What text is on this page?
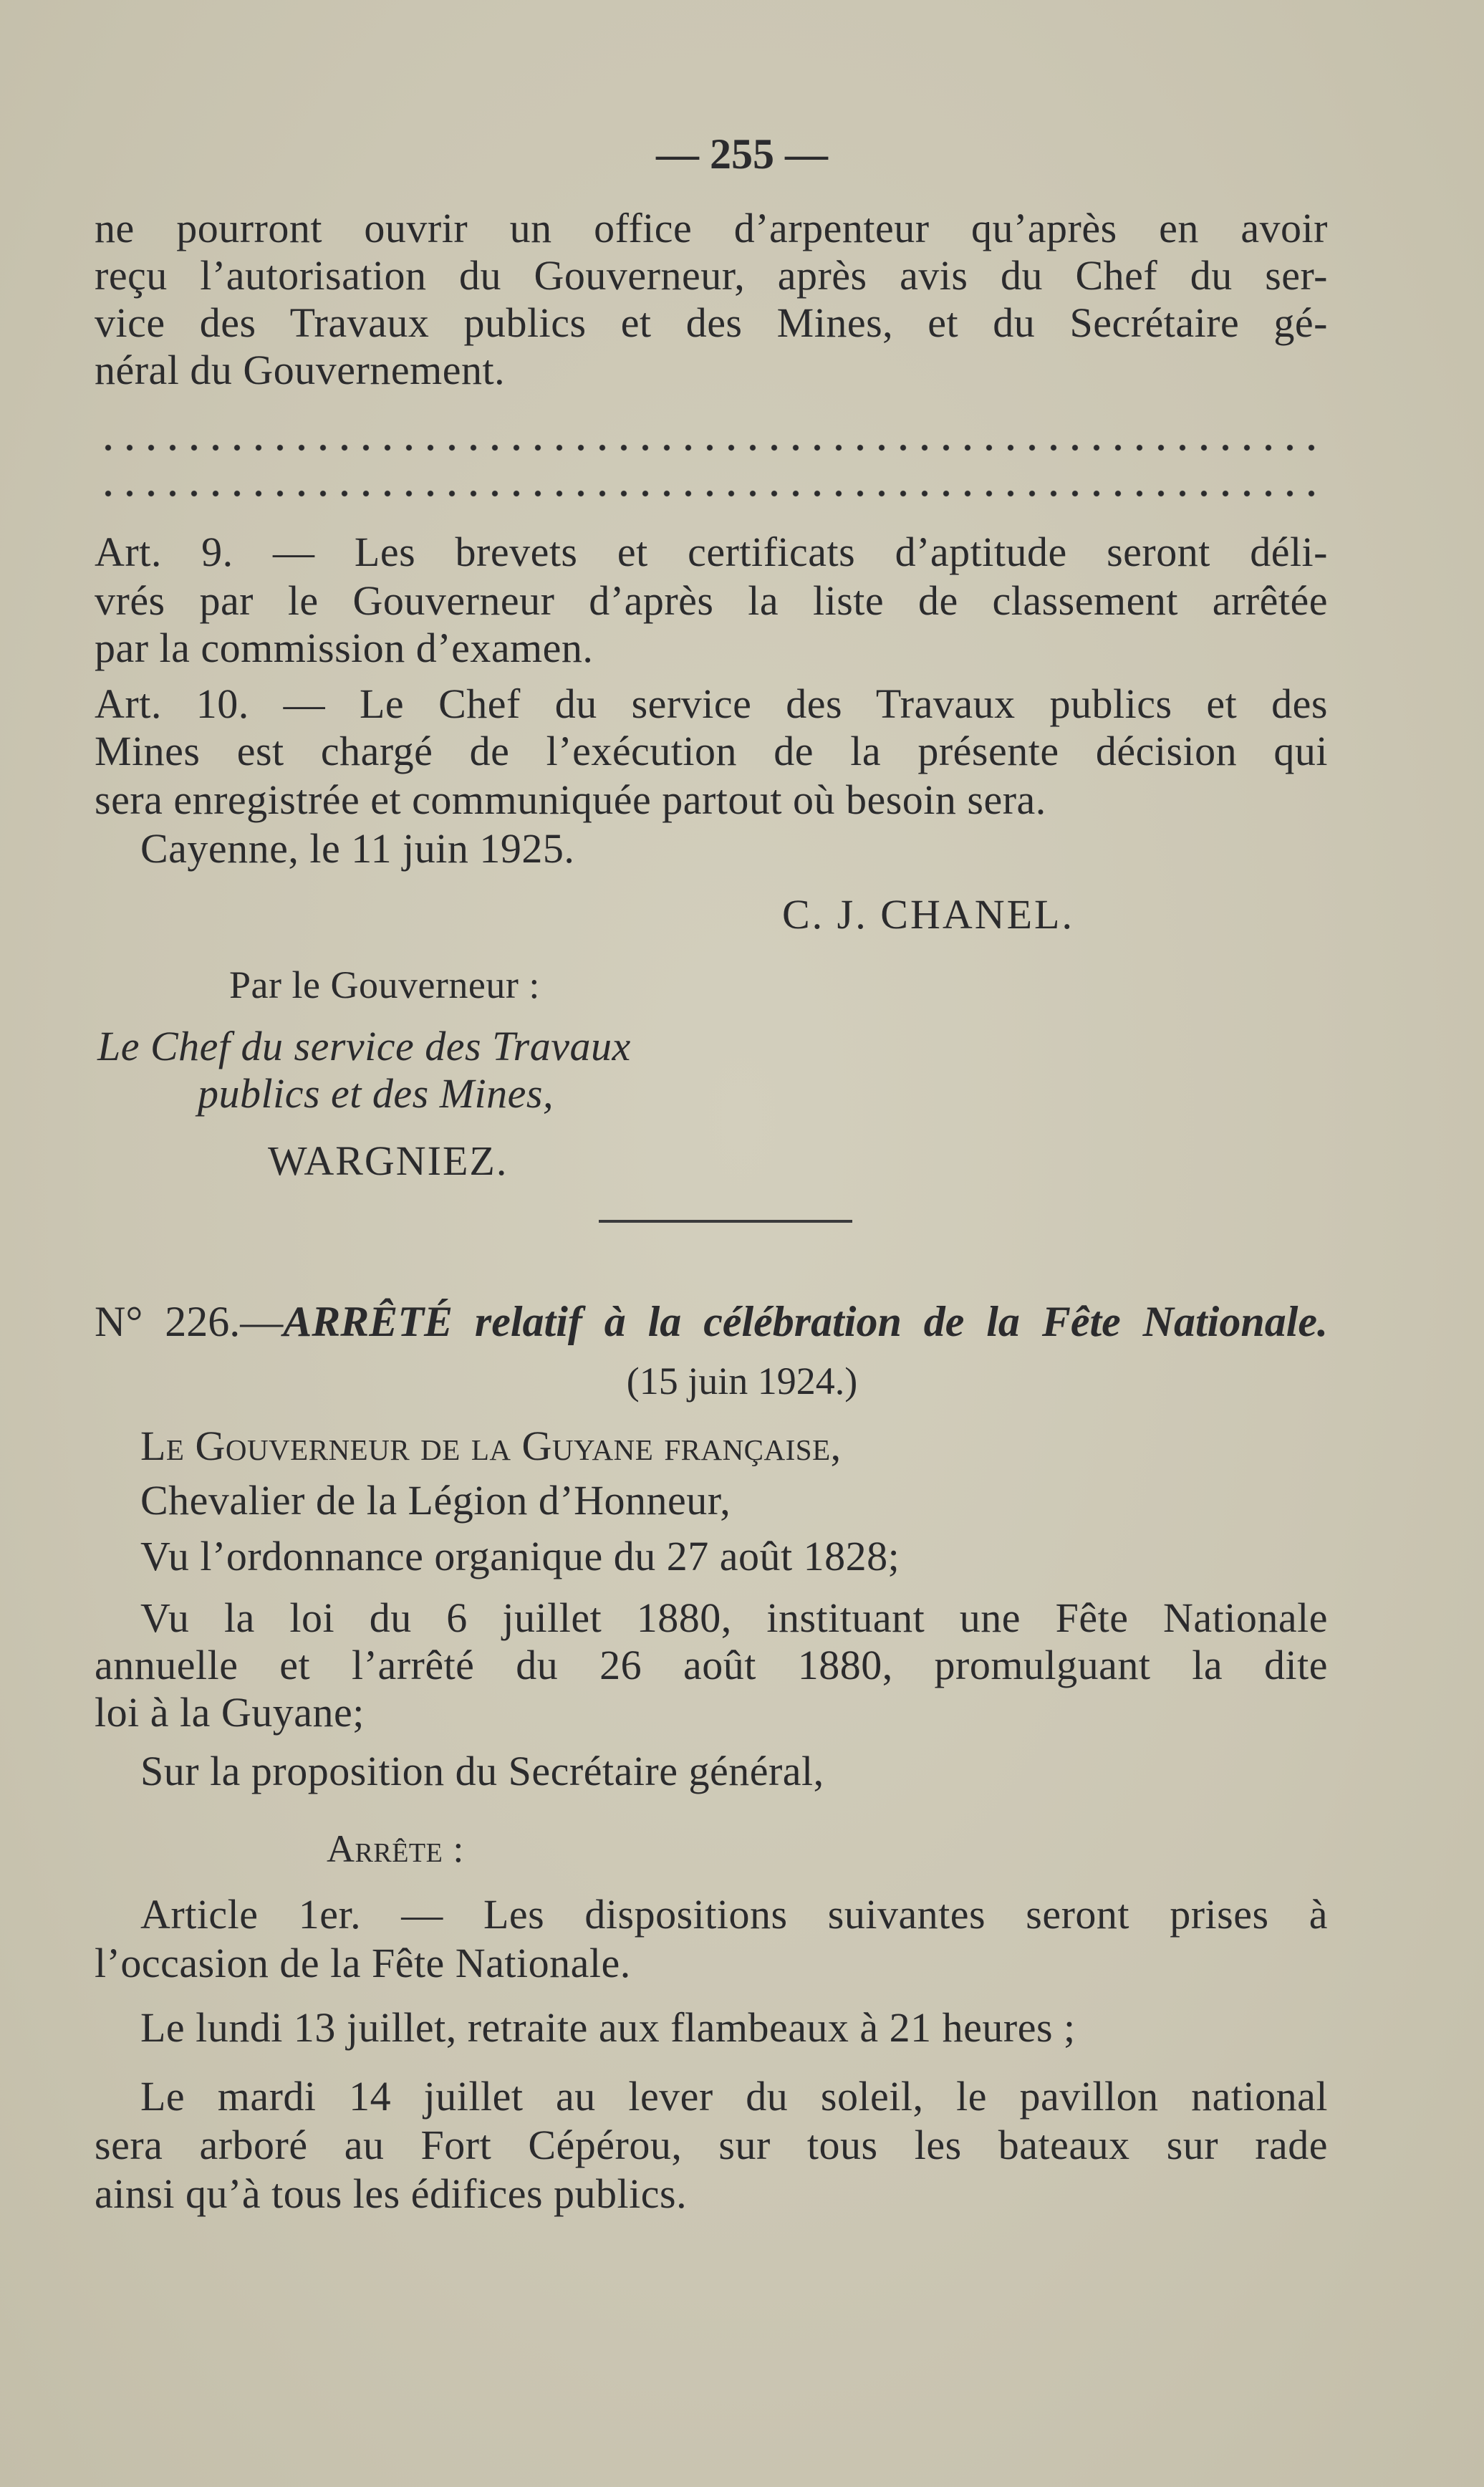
— 255 —
ne pourront ouvrir un office d’arpenteur qu’après en avoir
reçu l’autorisation du Gouverneur, après avis du Chef du ser-
vice des Travaux publics et des Mines, et du Secrétaire gé-
néral du Gouvernement.
Art. 9. — Les brevets et certificats d’aptitude seront déli-
vrés par le Gouverneur d’après la liste de classement arrêtée
par la commission d’examen.
Art. 10. — Le Chef du service des Travaux publics et des
Mines est chargé de l’exécution de la présente décision qui
sera enregistrée et communiquée partout où besoin sera.
Cayenne, le 11 juin 1925.
C. J. CHANEL.
Par le Gouverneur :
Le Chef du service des Travaux
publics et des Mines,
WARGNIEZ.
N° 226.—ARRÊTÉ relatif à la célébration de la Fête Nationale.
(15 juin 1924.)
Le Gouverneur de la Guyane française,
Chevalier de la Légion d’Honneur,
Vu l’ordonnance organique du 27 août 1828;
Vu la loi du 6 juillet 1880, instituant une Fête Nationale
annuelle et l’arrêté du 26 août 1880, promulguant la dite
loi à la Guyane;
Sur la proposition du Secrétaire général,
Arrête :
Article 1er. — Les dispositions suivantes seront prises à
l’occasion de la Fête Nationale.
Le lundi 13 juillet, retraite aux flambeaux à 21 heures ;
Le mardi 14 juillet au lever du soleil, le pavillon national
sera arboré au Fort Cépérou, sur tous les bateaux sur rade
ainsi qu’à tous les édifices publics.
